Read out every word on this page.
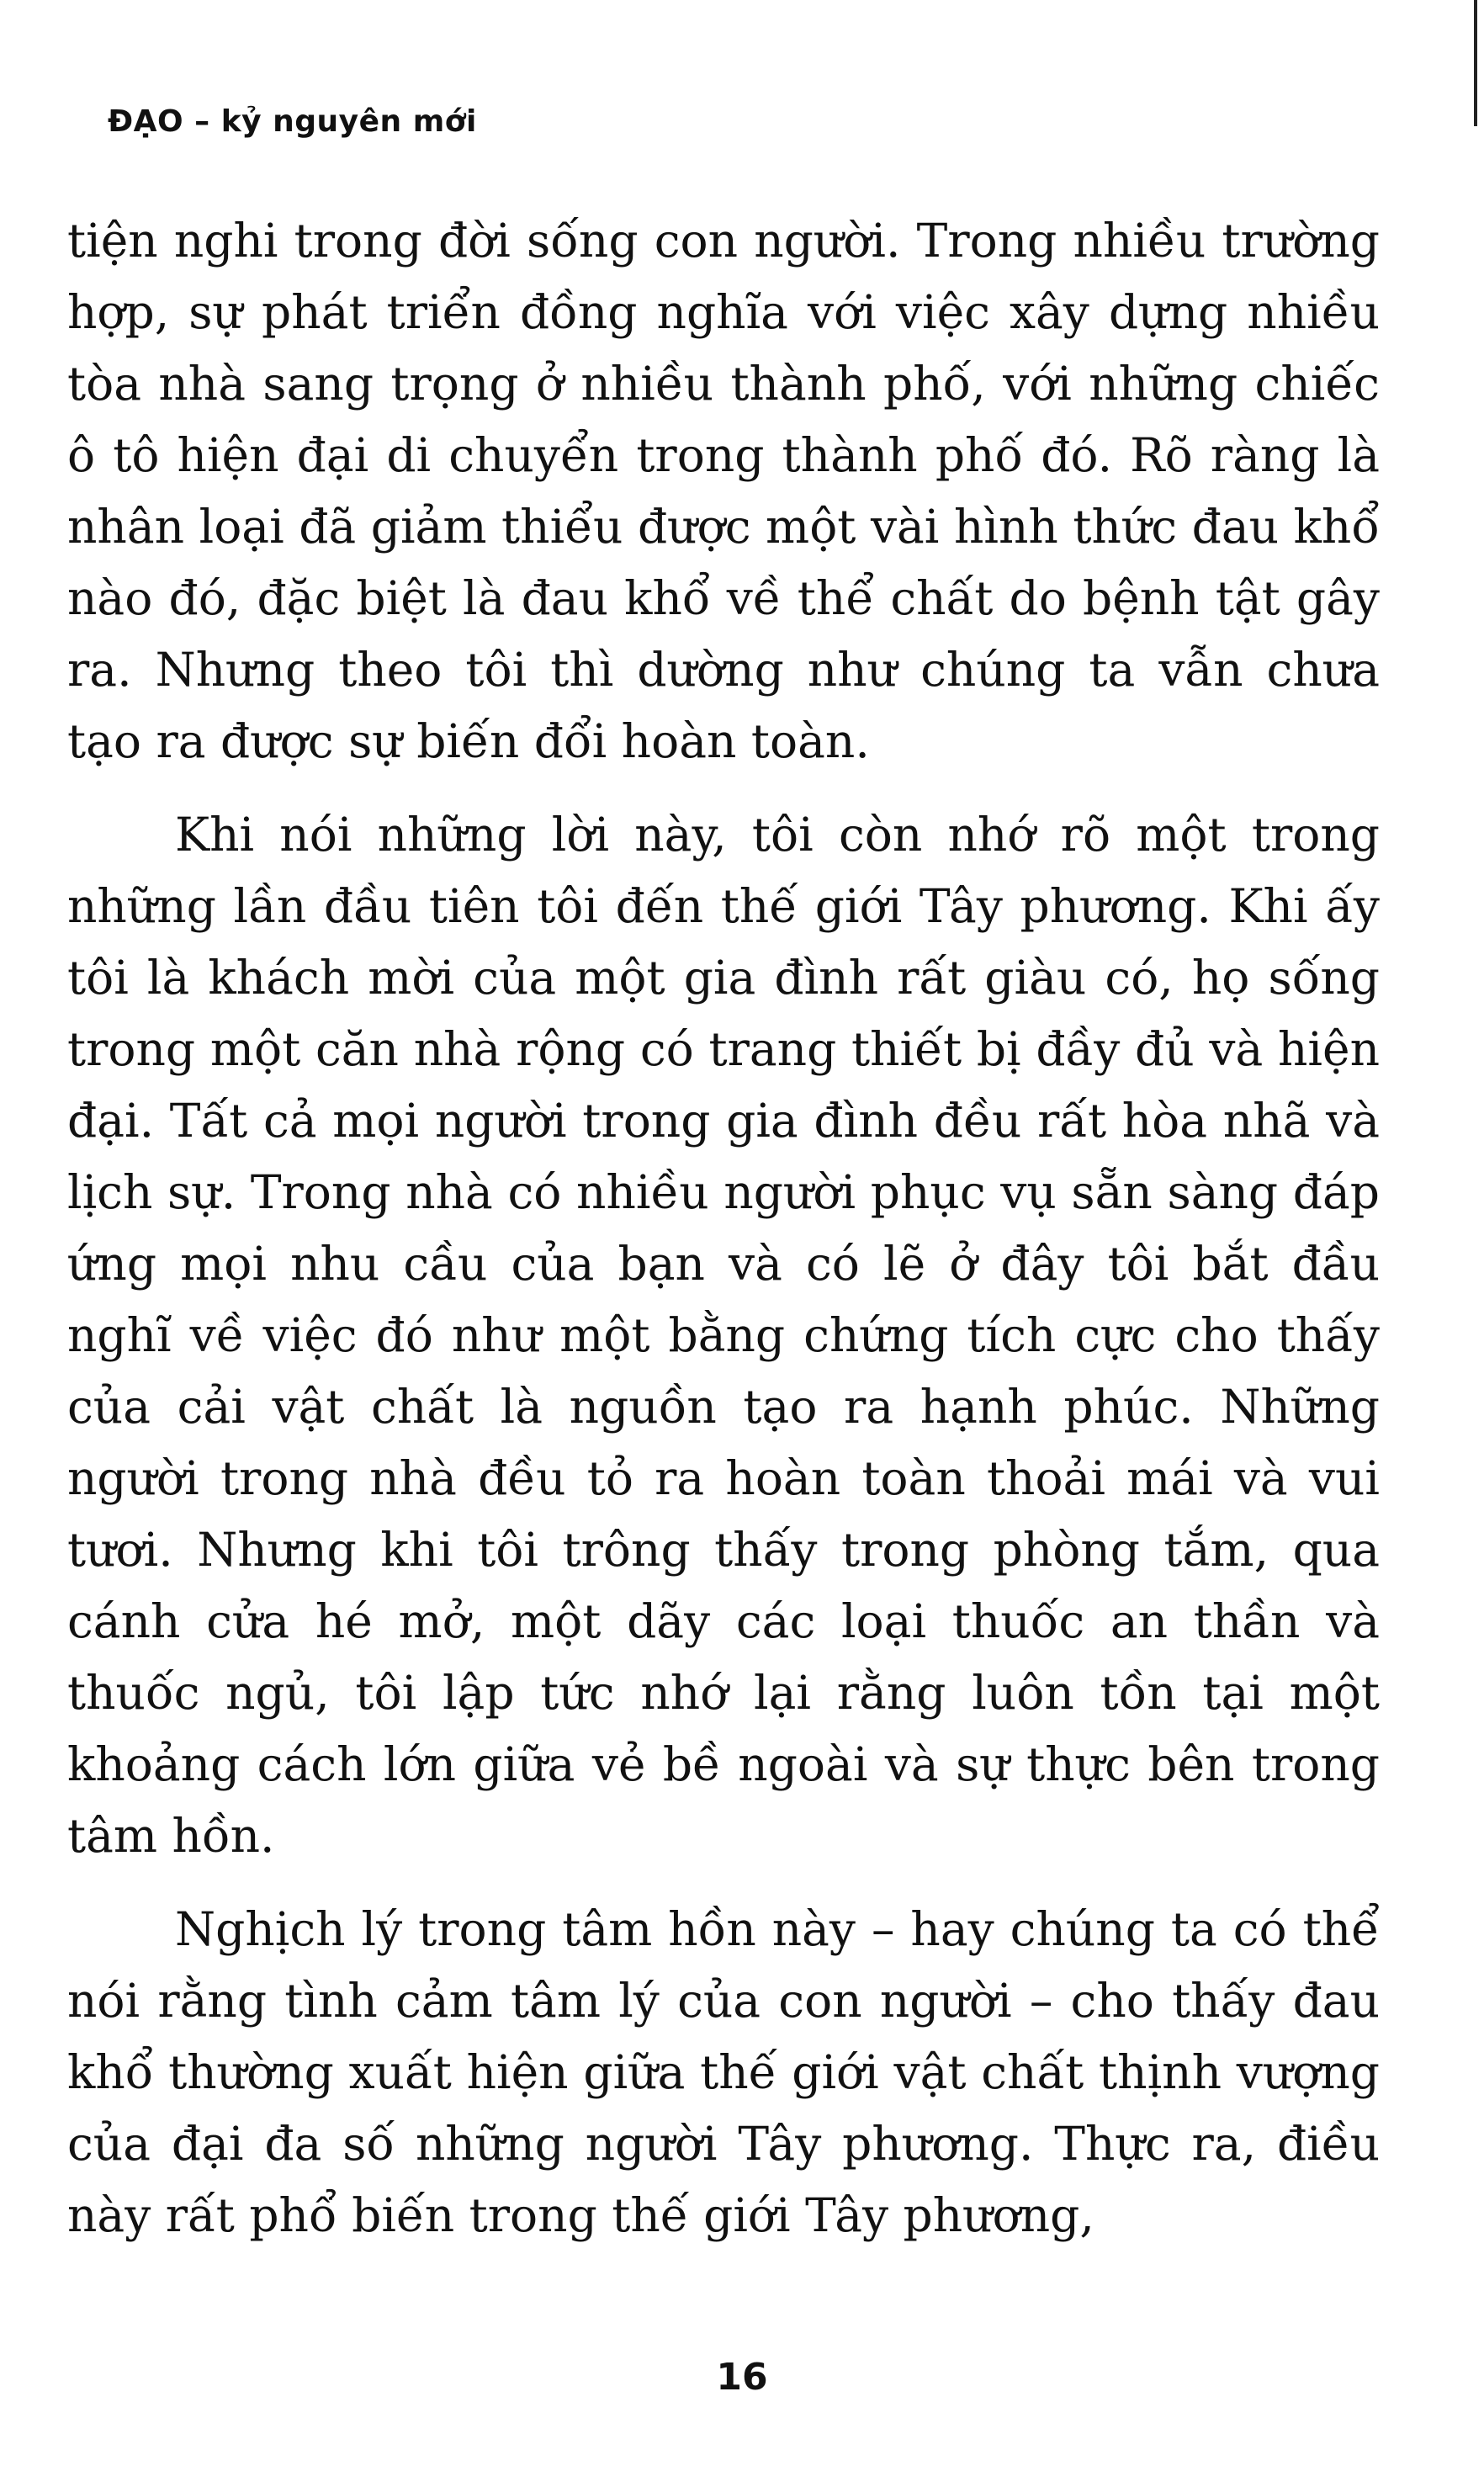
ĐẠO – kỷ nguyên mới

tiện nghi trong đời sống con người. Trong nhiều trường hợp, sự phát triển đồng nghĩa với việc xây dựng nhiều tòa nhà sang trọng ở nhiều thành phố, với những chiếc ô tô hiện đại di chuyển trong thành phố đó. Rõ ràng là nhân loại đã giảm thiểu được một vài hình thức đau khổ nào đó, đặc biệt là đau khổ về thể chất do bệnh tật gây ra. Nhưng theo tôi thì dường như chúng ta vẫn chưa tạo ra được sự biến đổi hoàn toàn.

Khi nói những lời này, tôi còn nhớ rõ một trong những lần đầu tiên tôi đến thế giới Tây phương. Khi ấy tôi là khách mời của một gia đình rất giàu có, họ sống trong một căn nhà rộng có trang thiết bị đầy đủ và hiện đại. Tất cả mọi người trong gia đình đều rất hòa nhã và lịch sự. Trong nhà có nhiều người phục vụ sẵn sàng đáp ứng mọi nhu cầu của bạn và có lẽ ở đây tôi bắt đầu nghĩ về việc đó như một bằng chứng tích cực cho thấy của cải vật chất là nguồn tạo ra hạnh phúc. Những người trong nhà đều tỏ ra hoàn toàn thoải mái và vui tươi. Nhưng khi tôi trông thấy trong phòng tắm, qua cánh cửa hé mở, một dãy các loại thuốc an thần và thuốc ngủ, tôi lập tức nhớ lại rằng luôn tồn tại một khoảng cách lớn giữa vẻ bề ngoài và sự thực bên trong tâm hồn.

Nghịch lý trong tâm hồn này – hay chúng ta có thể nói rằng tình cảm tâm lý của con người – cho thấy đau khổ thường xuất hiện giữa thế giới vật chất thịnh vượng của đại đa số những người Tây phương. Thực ra, điều này rất phổ biến trong thế giới Tây phương,

16
